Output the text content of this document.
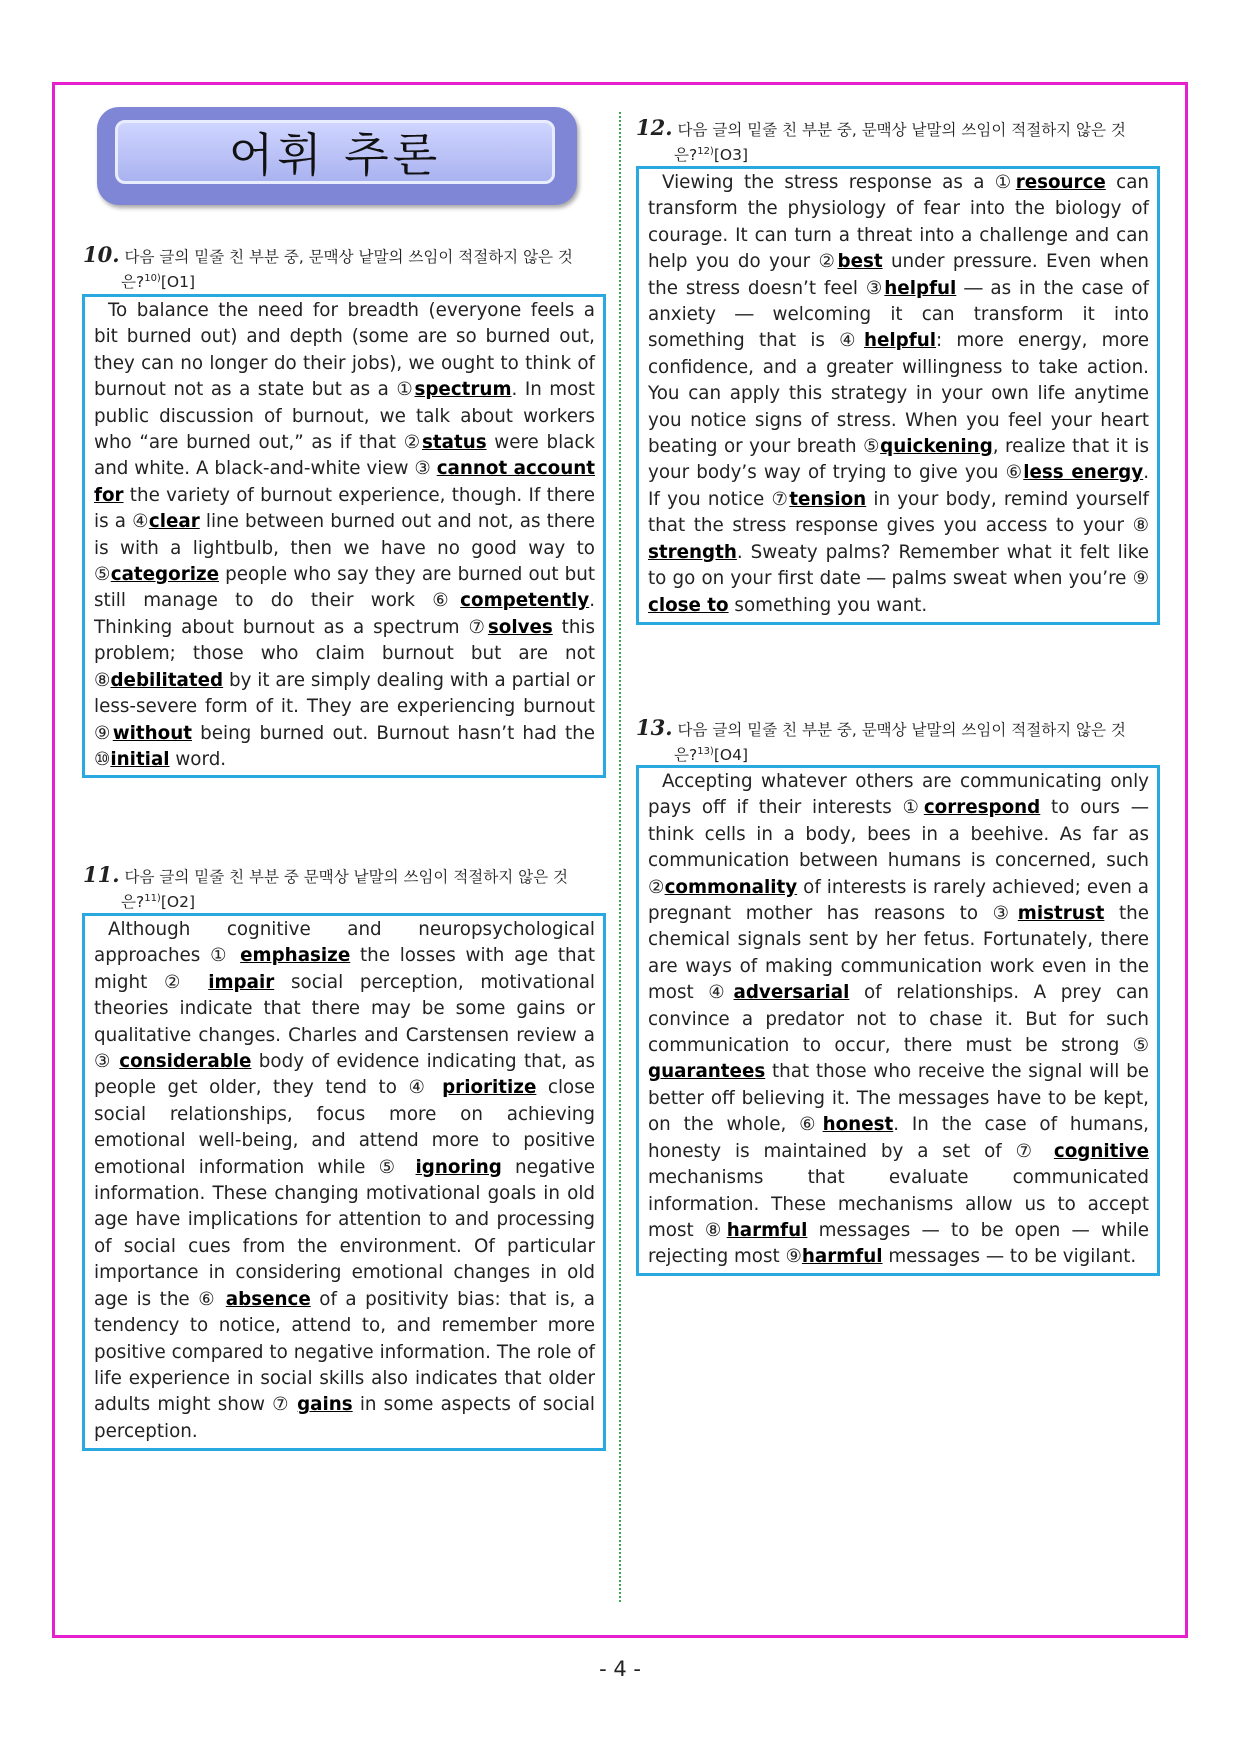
어휘 추론
10. 다음 글의 밑줄 친 부분 중, 문맥상 낱말의 쓰임이 적절하지 않은 것
은?$^{10)}$[O1]

To balance the need for breadth (everyone feels a bit burned out) and depth (some are so burned out, they can no longer do their jobs), we ought to think of burnout not as a state but as a ①spectrum. In most public discussion of burnout, we talk about workers who “are burned out,” as if that ②status were black and white. A black-and-white view ③ cannot account for the variety of burnout experience, though. If there is a ④clear line between burned out and not, as there is with a lightbulb, then we have no good way to ⑤categorize people who say they are burned out but still manage to do their work ⑥competently. Thinking about burnout as a spectrum ⑦solves this problem; those who claim burnout but are not ⑧debilitated by it are simply dealing with a partial or less-severe form of it. They are experiencing burnout ⑨without being burned out. Burnout hasn’t had the ⑩initial word.

11. 다음 글의 밑줄 친 부분 중 문맥상 낱말의 쓰임이 적절하지 않은 것
은?$^{11)}$[O2]

Although cognitive and neuropsychological approaches ① emphasize the losses with age that might ② impair social perception, motivational theories indicate that there may be some gains or qualitative changes. Charles and Carstensen review a ③ considerable body of evidence indicating that, as people get older, they tend to ④ prioritize close social relationships, focus more on achieving emotional well-being, and attend more to positive emotional information while ⑤ ignoring negative information. These changing motivational goals in old age have implications for attention to and processing of social cues from the environment. Of particular importance in considering emotional changes in old age is the ⑥ absence of a positivity bias: that is, a tendency to notice, attend to, and remember more positive compared to negative information. The role of life experience in social skills also indicates that older adults might show ⑦ gains in some aspects of social perception.

12. 다음 글의 밑줄 친 부분 중, 문맥상 낱말의 쓰임이 적절하지 않은 것
은?$^{12)}$[O3]

Viewing the stress response as a ①resource can transform the physiology of fear into the biology of courage. It can turn a threat into a challenge and can help you do your ②best under pressure. Even when the stress doesn’t feel ③helpful ― as in the case of anxiety ― welcoming it can transform it into something that is ④helpful: more energy, more confidence, and a greater willingness to take action. You can apply this strategy in your own life anytime you notice signs of stress. When you feel your heart beating or your breath ⑤quickening, realize that it is your body’s way of trying to give you ⑥less energy. If you notice ⑦tension in your body, remind yourself that the stress response gives you access to your ⑧ strength. Sweaty palms? Remember what it felt like to go on your first date ― palms sweat when you’re ⑨ close to something you want.

13. 다음 글의 밑줄 친 부분 중, 문맥상 낱말의 쓰임이 적절하지 않은 것
은?$^{13)}$[O4]

Accepting whatever others are communicating only pays off if their interests ①correspond to ours — think cells in a body, bees in a beehive. As far as communication between humans is concerned, such ②commonality of interests is rarely achieved; even a pregnant mother has reasons to ③mistrust the chemical signals sent by her fetus. Fortunately, there are ways of making communication work even in the most ④adversarial of relationships. A prey can convince a predator not to chase it. But for such communication to occur, there must be strong ⑤ guarantees that those who receive the signal will be better off believing it. The messages have to be kept, on the whole, ⑥honest. In the case of humans, honesty is maintained by a set of ⑦ cognitive mechanisms that evaluate communicated information. These mechanisms allow us to accept most ⑧harmful messages — to be open — while rejecting most ⑨harmful messages — to be vigilant.

- 4 -
